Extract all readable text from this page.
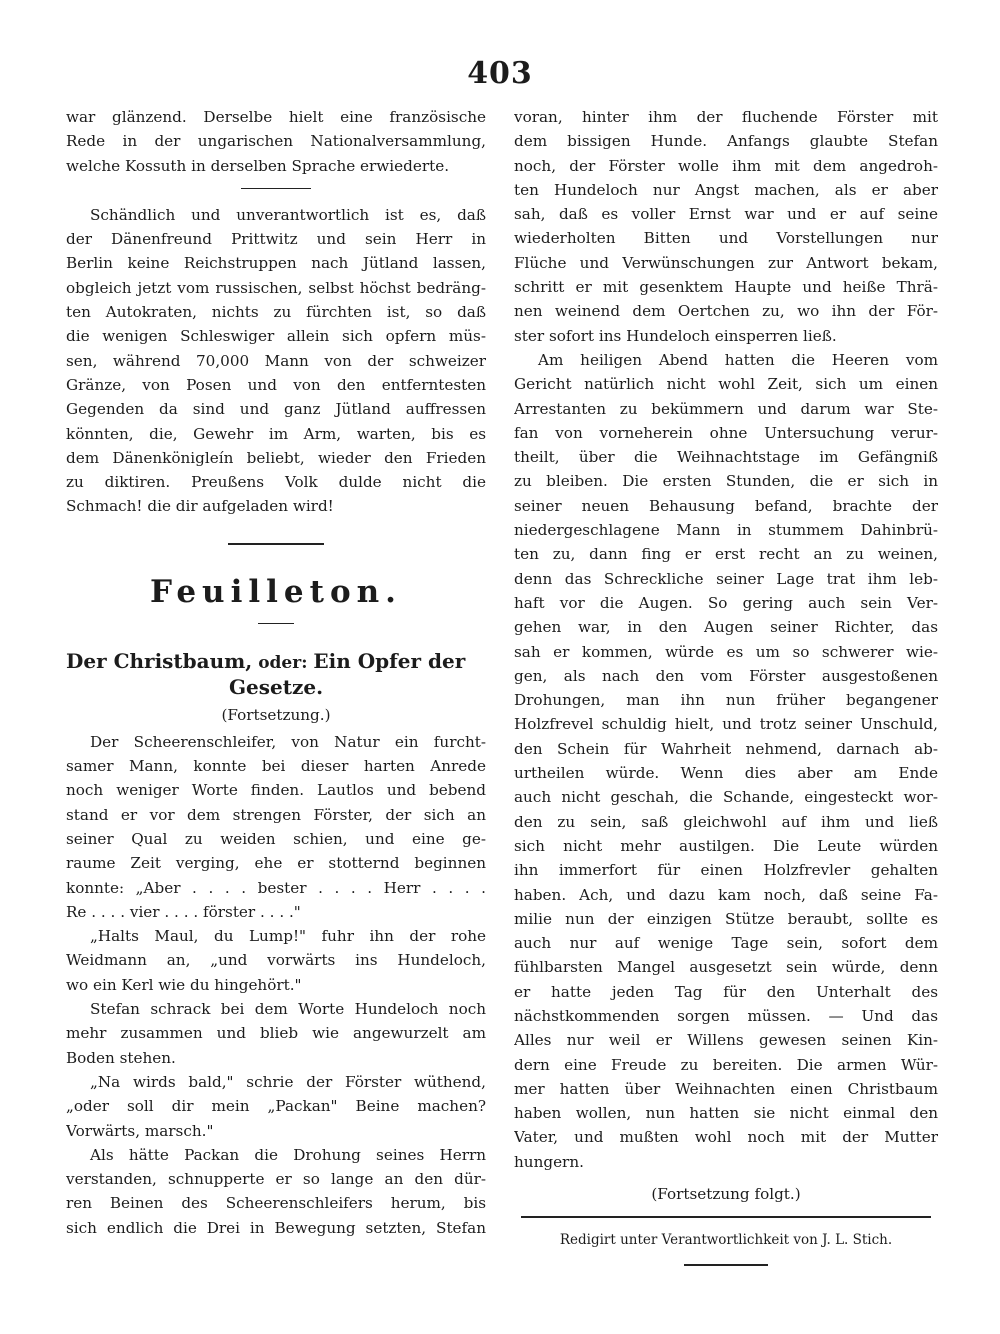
403
war glänzend. Derselbe hielt eine französische
Rede in der ungarischen Nationalversammlung,
welche Kossuth in derselben Sprache erwiederte.
Schändlich und unverantwortlich ist es, daß
der Dänenfreund Prittwitz und sein Herr in
Berlin keine Reichstruppen nach Jütland lassen,
obgleich jetzt vom russischen, selbst höchst bedräng-
ten Autokraten, nichts zu fürchten ist, so daß
die wenigen Schleswiger allein sich opfern müs-
sen, während 70,000 Mann von der schweizer
Gränze, von Posen und von den entferntesten
Gegenden da sind und ganz Jütland auffressen
könnten, die, Gewehr im Arm, warten, bis es
dem Dänenkönigleín beliebt, wieder den Frieden
zu diktiren. Preußens Volk dulde nicht die
Schmach! die dir aufgeladen wird!
Feuilleton.
Der Christbaum, oder: Ein Opfer der
Gesetze.
(Fortsetzung.)
Der Scheerenschleifer, von Natur ein furcht-
samer Mann, konnte bei dieser harten Anrede
noch weniger Worte finden. Lautlos und bebend
stand er vor dem strengen Förster, der sich an
seiner Qual zu weiden schien, und eine ge-
raume Zeit verging, ehe er stotternd beginnen
konnte: „Aber . . . . bester . . . . Herr . . . .
Re . . . . vier . . . . förster . . . ."
„Halts Maul, du Lump!" fuhr ihn der rohe
Weidmann an, „und vorwärts ins Hundeloch,
wo ein Kerl wie du hingehört."
Stefan schrack bei dem Worte Hundeloch noch
mehr zusammen und blieb wie angewurzelt am
Boden stehen.
„Na wirds bald," schrie der Förster wüthend,
„oder soll dir mein „Packan" Beine machen?
Vorwärts, marsch."
Als hätte Packan die Drohung seines Herrn
verstanden, schnupperte er so lange an den dür-
ren Beinen des Scheerenschleifers herum, bis
sich endlich die Drei in Bewegung setzten, Stefan
voran, hinter ihm der fluchende Förster mit
dem bissigen Hunde. Anfangs glaubte Stefan
noch, der Förster wolle ihm mit dem angedroh-
ten Hundeloch nur Angst machen, als er aber
sah, daß es voller Ernst war und er auf seine
wiederholten Bitten und Vorstellungen nur
Flüche und Verwünschungen zur Antwort bekam,
schritt er mit gesenktem Haupte und heiße Thrä-
nen weinend dem Oertchen zu, wo ihn der För-
ster sofort ins Hundeloch einsperren ließ.
Am heiligen Abend hatten die Heeren vom
Gericht natürlich nicht wohl Zeit, sich um einen
Arrestanten zu bekümmern und darum war Ste-
fan von vorneherein ohne Untersuchung verur-
theilt, über die Weihnachtstage im Gefängniß
zu bleiben. Die ersten Stunden, die er sich in
seiner neuen Behausung befand, brachte der
niedergeschlagene Mann in stummem Dahinbrü-
ten zu, dann fing er erst recht an zu weinen,
denn das Schreckliche seiner Lage trat ihm leb-
haft vor die Augen. So gering auch sein Ver-
gehen war, in den Augen seiner Richter, das
sah er kommen, würde es um so schwerer wie-
gen, als nach den vom Förster ausgestoßenen
Drohungen, man ihn nun früher begangener
Holzfrevel schuldig hielt, und trotz seiner Unschuld,
den Schein für Wahrheit nehmend, darnach ab-
urtheilen würde. Wenn dies aber am Ende
auch nicht geschah, die Schande, eingesteckt wor-
den zu sein, saß gleichwohl auf ihm und ließ
sich nicht mehr austilgen. Die Leute würden
ihn immerfort für einen Holzfrevler gehalten
haben. Ach, und dazu kam noch, daß seine Fa-
milie nun der einzigen Stütze beraubt, sollte es
auch nur auf wenige Tage sein, sofort dem
fühlbarsten Mangel ausgesetzt sein würde, denn
er hatte jeden Tag für den Unterhalt des
nächstkommenden sorgen müssen. — Und das
Alles nur weil er Willens gewesen seinen Kin-
dern eine Freude zu bereiten. Die armen Wür-
mer hatten über Weihnachten einen Christbaum
haben wollen, nun hatten sie nicht einmal den
Vater, und mußten wohl noch mit der Mutter
hungern.
(Fortsetzung folgt.)
Redigirt unter Verantwortlichkeit von J. L. Stich.
